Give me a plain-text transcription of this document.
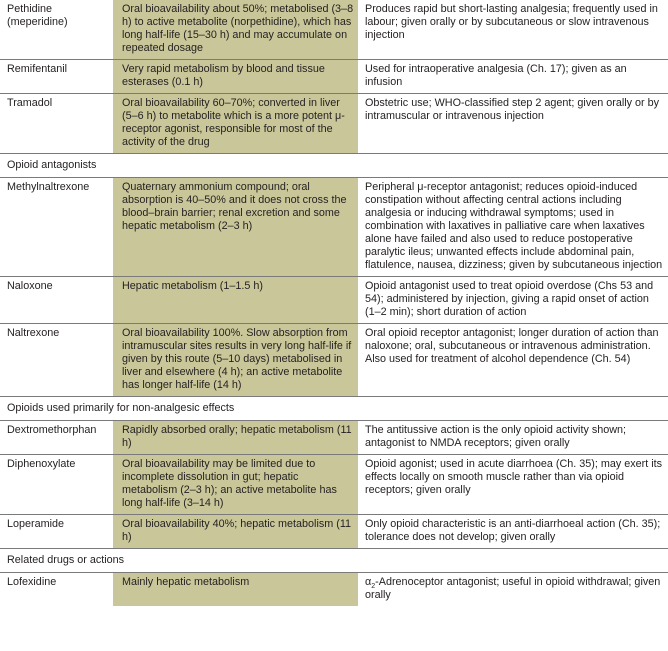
Pethidine (meperidine)	Oral bioavailability about 50%; metabolised (3–8 h) to active metabolite (norpethidine), which has long half-life (15–30 h) and may accumulate on repeated dosage	Produces rapid but short-lasting analgesia; frequently used in labour; given orally or by subcutaneous or slow intravenous injection
Remifentanil	Very rapid metabolism by blood and tissue esterases (0.1 h)	Used for intraoperative analgesia (Ch. 17); given as an infusion
Tramadol	Oral bioavailability 60–70%; converted in liver (5–6 h) to metabolite which is a more potent μ-receptor agonist, responsible for most of the activity of the drug	Obstetric use; WHO-classified step 2 agent; given orally or by intramuscular or intravenous injection
Opioid antagonists		
Methylnaltrexone	Quaternary ammonium compound; oral absorption is 40–50% and it does not cross the blood–brain barrier; renal excretion and some hepatic metabolism (2–3 h)	Peripheral μ-receptor antagonist; reduces opioid-induced constipation without affecting central actions including analgesia or inducing withdrawal symptoms; used in combination with laxatives in palliative care when laxatives alone have failed and also used to reduce postoperative paralytic ileus; unwanted effects include abdominal pain, flatulence, nausea, dizziness; given by subcutaneous injection
Naloxone	Hepatic metabolism (1–1.5 h)	Opioid antagonist used to treat opioid overdose (Chs 53 and 54); administered by injection, giving a rapid onset of action (1–2 min); short duration of action
Naltrexone	Oral bioavailability 100%. Slow absorption from intramuscular sites results in very long half-life if given by this route (5–10 days) metabolised in liver and elsewhere (4 h); an active metabolite has longer half-life (14 h)	Oral opioid receptor antagonist; longer duration of action than naloxone; oral, subcutaneous or intravenous administration. Also used for treatment of alcohol dependence (Ch. 54)
Opioids used primarily for non-analgesic effects		
Dextromethorphan	Rapidly absorbed orally; hepatic metabolism (11 h)	The antitussive action is the only opioid activity shown; antagonist to NMDA receptors; given orally
Diphenoxylate	Oral bioavailability may be limited due to incomplete dissolution in gut; hepatic metabolism (2–3 h); an active metabolite has long half-life (3–14 h)	Opioid agonist; used in acute diarrhoea (Ch. 35); may exert its effects locally on smooth muscle rather than via opioid receptors; given orally
Loperamide	Oral bioavailability 40%; hepatic metabolism (11 h)	Only opioid characteristic is an anti-diarrhoeal action (Ch. 35); tolerance does not develop; given orally
Related drugs or actions		
Lofexidine	Mainly hepatic metabolism	$\alpha_2$-Adrenoceptor antagonist; useful in opioid withdrawal; given orally
